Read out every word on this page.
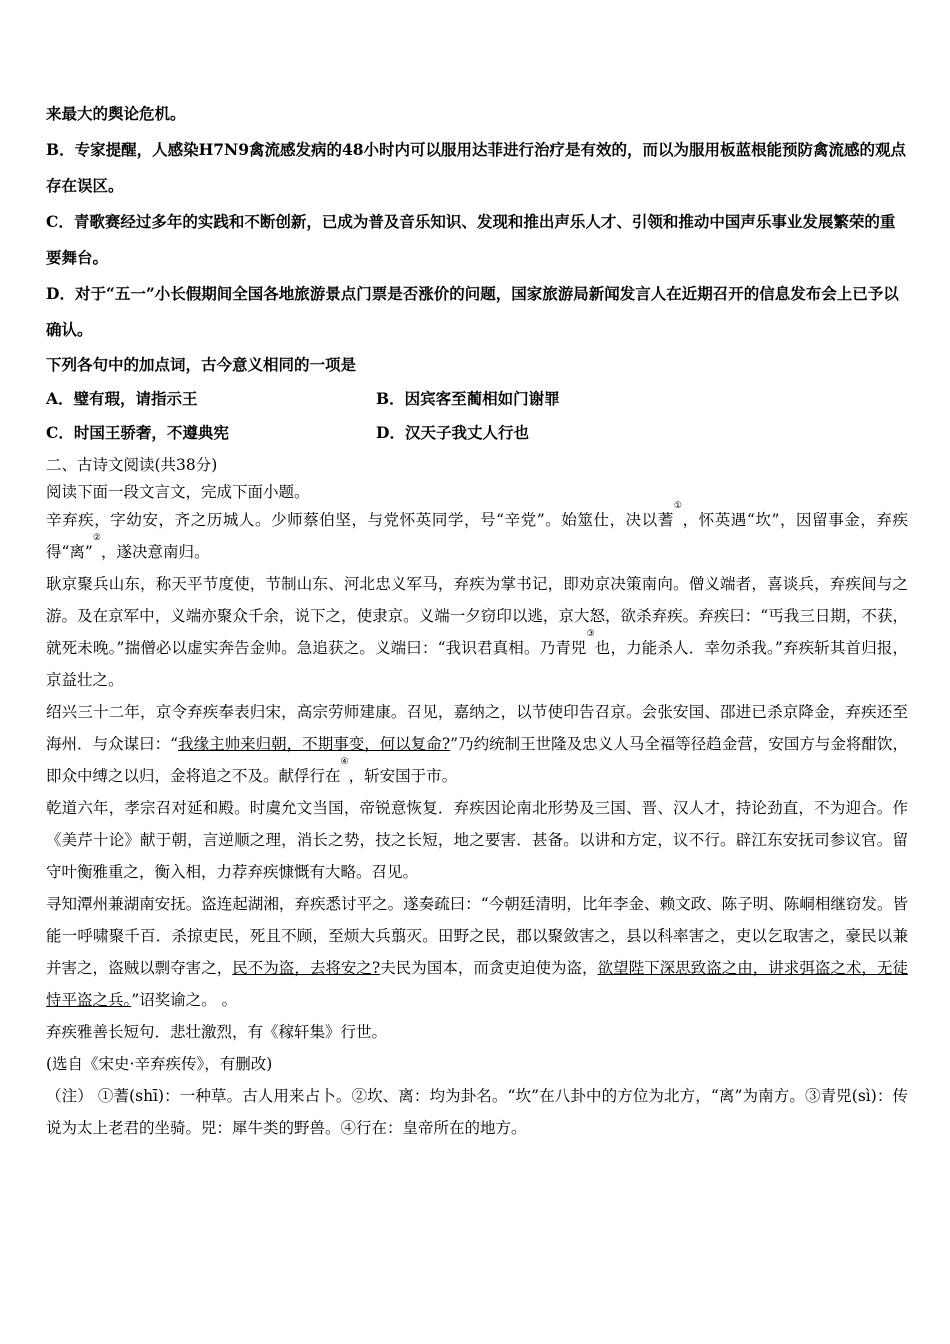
来最大的舆论危机。

B．专家提醒，人感染H7N9禽流感发病的48小时内可以服用达菲进行治疗是有效的，而以为服用板蓝根能预防禽流感的观点存在误区。

C．青歌赛经过多年的实践和不断创新，已成为普及音乐知识、发现和推出声乐人才、引领和推动中国声乐事业发展繁荣的重要舞台。

D．对于“五一”小长假期间全国各地旅游景点门票是否涨价的问题，国家旅游局新闻发言人在近期召开的信息发布会上已予以确认。

下列各句中的加点词，古今意义相同的一项是

A．璧有瑕，请指示王	B．因宾客至蔺相如门谢罪
C．时国王骄奢，不遵典宪	D．汉天子我丈人行也

二、古诗文阅读(共38分)

阅读下面一段文言文，完成下面小题。

辛弃疾，字幼安，齐之历城人。少师蔡伯坚，与党怀英同学，号“辛党”。始筮仕，决以蓍①，怀英遇“坎”，因留事金，弃疾得“离”②，遂决意南归。

耿京聚兵山东，称天平节度使，节制山东、河北忠义军马，弃疾为掌书记，即劝京决策南向。僧义端者，喜谈兵，弃疾间与之游。及在京军中，义端亦聚众千余，说下之，使隶京。义端一夕窃印以逃，京大怒，欲杀弃疾。弃疾曰：“丐我三日期，不获，就死未晚。”揣僧必以虚实奔告金帅。急追获之。义端曰：“我识君真相。乃青兕③也，力能杀人．幸勿杀我。”弃疾斩其首归报，京益壮之。

绍兴三十二年，京令弃疾奉表归宋，高宗劳师建康。召见，嘉纳之，以节使印告召京。会张安国、邵进已杀京降金，弃疾还至海州．与众谋曰：“我缘主帅来归朝，不期事变，何以复命?”乃约统制王世隆及忠义人马全福等径趋金营，安国方与金将酣饮，即众中缚之以归，金将追之不及。献俘行在④，斩安国于市。

乾道六年，孝宗召对延和殿。时虞允文当国，帝锐意恢复．弃疾因论南北形势及三国、晋、汉人才，持论劲直，不为迎合。作《美芹十论》献于朝，言逆顺之理，消长之势，技之长短，地之要害．甚备。以讲和方定，议不行。辟江东安抚司参议官。留守叶衡雅重之，衡入相，力荐弃疾慷慨有大略。召见。

寻知潭州兼湖南安抚。盗连起湖湘，弃疾悉讨平之。遂奏疏曰：“今朝廷清明，比年李金、赖文政、陈子明、陈峒相继窃发。皆能一呼啸聚千百．杀掠吏民，死且不顾，至烦大兵翦灭。田野之民，郡以聚敛害之，县以科率害之，吏以乞取害之，豪民以兼并害之，盗贼以剽夺害之，民不为盗，去将安之?夫民为国本，而贪吏迫使为盗，欲望陛下深思致盗之由，讲求弭盗之术，无徒恃平盗之兵。”诏奖谕之。 。

弃疾雅善长短句．悲壮激烈，有《稼轩集》行世。

(选自《宋史·辛弃疾传》，有删改)

（注） ①蓍(shī)：一种草。古人用来占卜。②坎、离：均为卦名。“坎”在八卦中的方位为北方，“离”为南方。③青兕(sì)：传说为太上老君的坐骑。兕：犀牛类的野兽。④行在：皇帝所在的地方。
